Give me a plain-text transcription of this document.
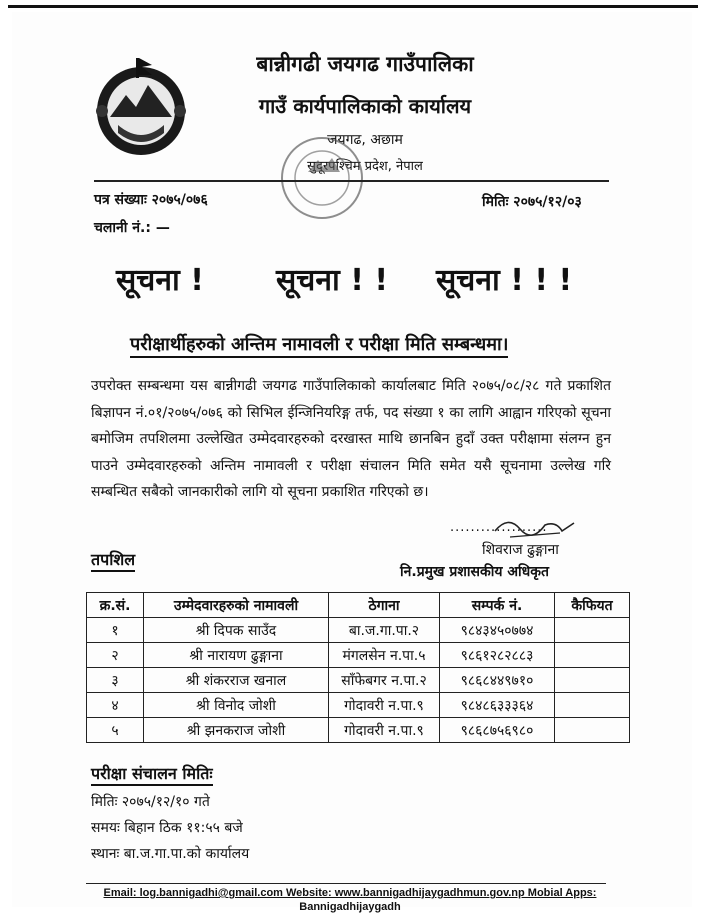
बान्नीगढी जयगढ गाउँपालिका
गाउँ कार्यपालिकाको कार्यालय
जयगढ, अछाम
सुदूरपश्चिम प्रदेश, नेपाल
पत्र संख्याः २०७५/०७६
चलानी नं.: —
मितिः २०७५/१२/०३
सूचना ! सूचना ! ! सूचना ! ! !
परीक्षार्थीहरुको अन्तिम नामावली र परीक्षा मिति सम्बन्धमा।
उपरोक्त सम्बन्धमा यस बान्नीगढी जयगढ गाउँपालिकाको कार्यालबाट मिति २०७५/०८/२८ गते प्रकाशित बिज्ञापन नं.०१/२०७५/०७६ को सिभिल ईन्जिनियरिङ्ग तर्फ, पद संख्या १ का लागि आह्वान गरिएको सूचना बमोजिम तपशिलमा उल्लेखित उम्मेदवारहरुको दरखास्त माथि छानबिन हुदाँ उक्त परीक्षामा संलग्न हुन पाउने उम्मेदवारहरुको अन्तिम नामावली र परीक्षा संचालन मिति समेत यसै सूचनामा उल्लेख गरि सम्बन्धित सबैको जानकारीको लागि यो सूचना प्रकाशित गरिएको छ।
...................
शिवराज ढुङ्गाना
नि.प्रमुख प्रशासकीय अधिकृत
तपशिल
क्र.सं.	उम्मेदवारहरुको नामावली	ठेगाना	सम्पर्क नं.	कैफियत
१	श्री दिपक साउँद	बा.ज.गा.पा.२	९८४३४५०७७४	
२	श्री नारायण ढुङ्गाना	मंगलसेन न.पा.५	९८६१२८२८८३	
३	श्री शंकरराज खनाल	साँफेबगर न.पा.२	९८६८४४९७१०	
४	श्री विनोद जोशी	गोदावरी न.पा.९	९८४८६३३३६४	
५	श्री झनकराज जोशी	गोदावरी न.पा.९	९८६८७५६९८०	
परीक्षा संचालन मितिः
मितिः २०७५/१२/१० गते
समयः बिहान ठिक ११:५५ बजे
स्थानः बा.ज.गा.पा.को कार्यालय
Email: log.bannigadhi@gmail.com Website: www.bannigadhijaygadhmun.gov.np Mobial Apps:
Bannigadhijaygadh
